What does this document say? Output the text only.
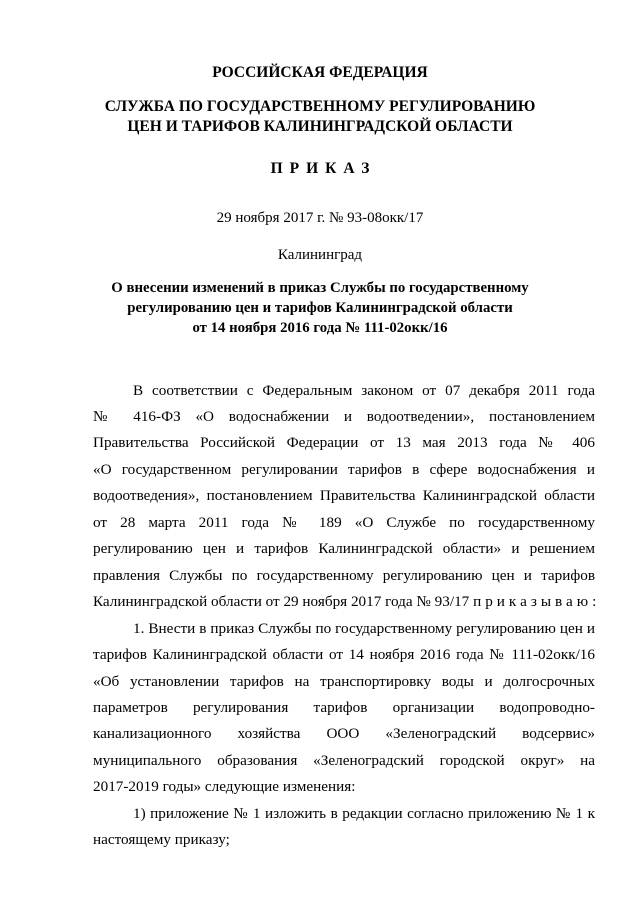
РОССИЙСКАЯ ФЕДЕРАЦИЯ
СЛУЖБА ПО ГОСУДАРСТВЕННОМУ РЕГУЛИРОВАНИЮ
ЦЕН И ТАРИФОВ КАЛИНИНГРАДСКОЙ ОБЛАСТИ
ПРИКАЗ
29 ноября 2017 г. № 93-08окк/17
Калининград
О внесении изменений в приказ Службы по государственному
регулированию цен и тарифов Калининградской области
от 14 ноября 2016 года № 111-02окк/16
В соответствии с Федеральным законом от 07 декабря 2011 года
№ 416-ФЗ «О водоснабжении и водоотведении», постановлением
Правительства Российской Федерации от 13 мая 2013 года № 406
«О государственном регулировании тарифов в сфере водоснабжения и
водоотведения», постановлением Правительства Калининградской области
от 28 марта 2011 года № 189 «О Службе по государственному
регулированию цен и тарифов Калининградской области» и решением
правления Службы по государственному регулированию цен и тарифов
Калининградской области от 29 ноября 2017 года № 93/17 приказываю:
1. Внести в приказ Службы по государственному регулированию цен и
тарифов Калининградской области от 14 ноября 2016 года № 111-02окк/16
«Об установлении тарифов на транспортировку воды и долгосрочных
параметров регулирования тарифов организации водопроводно-
канализационного хозяйства ООО «Зеленоградский водсервис»
муниципального образования «Зеленоградский городской округ» на
2017-2019 годы» следующие изменения:
1) приложение № 1 изложить в редакции согласно приложению № 1 к
настоящему приказу;
